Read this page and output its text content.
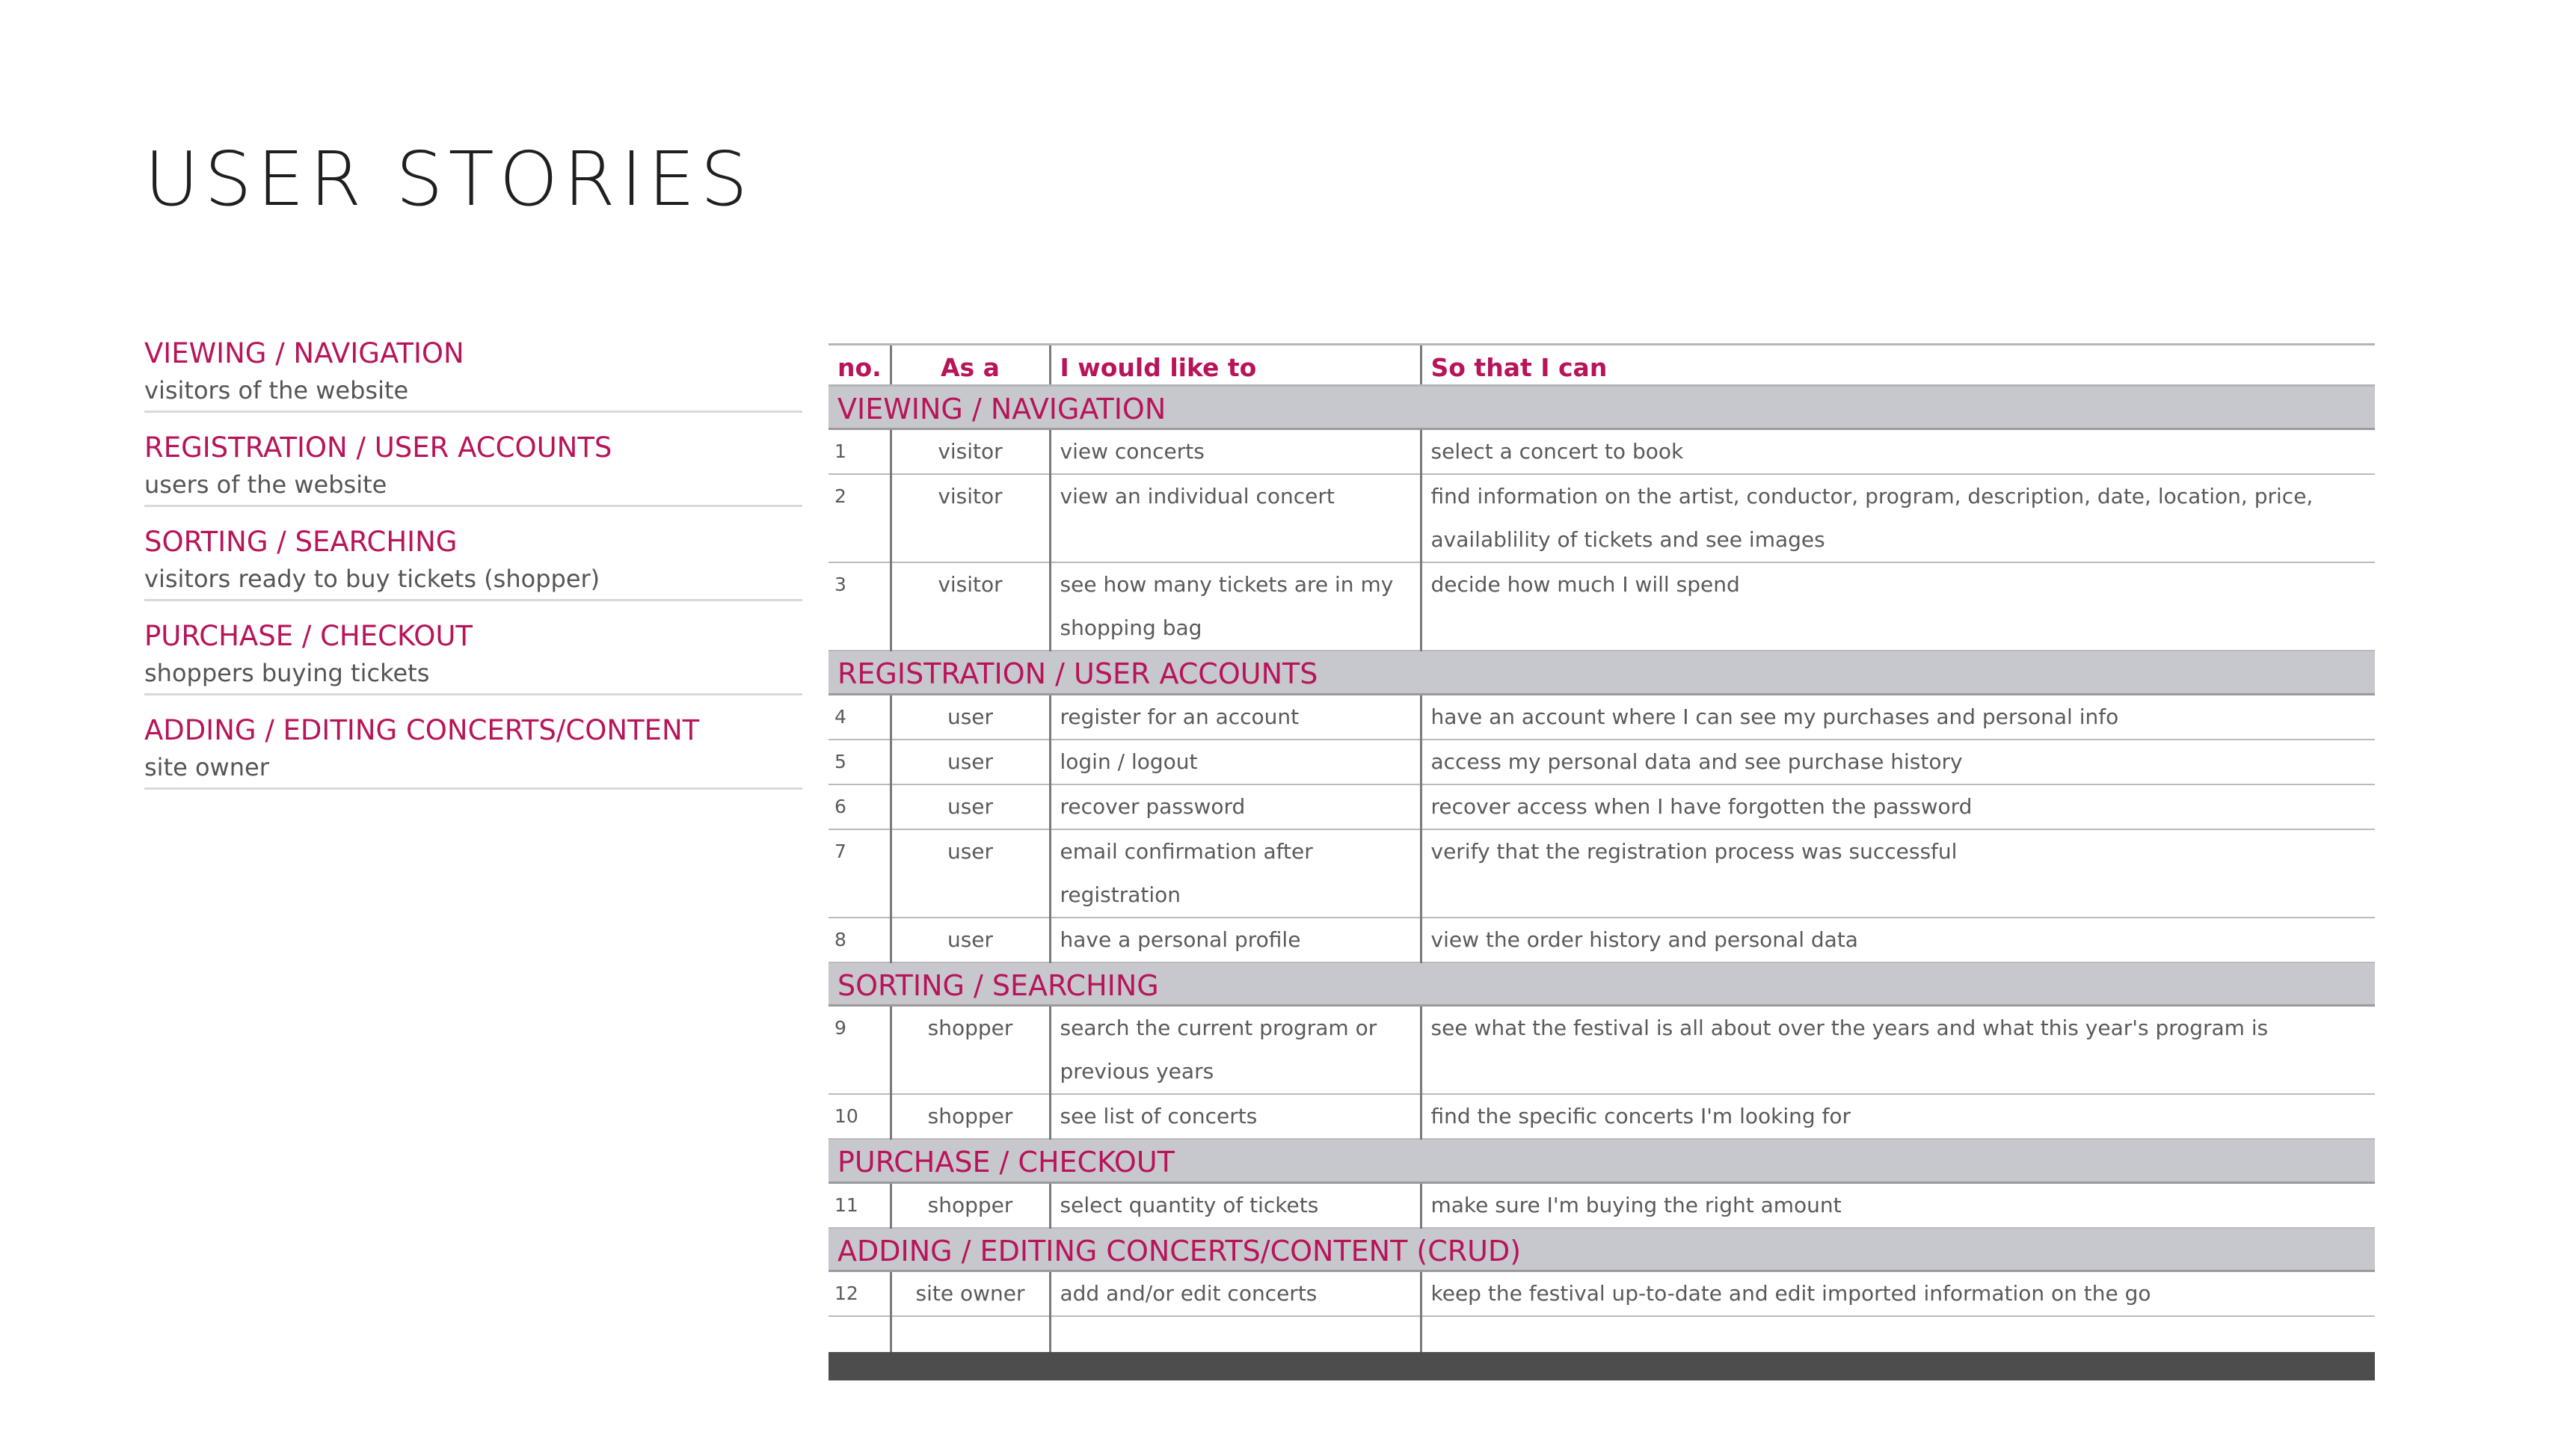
USER STORIES
VIEWING / NAVIGATION
visitors of the website
REGISTRATION / USER ACCOUNTS
users of the website
SORTING / SEARCHING
visitors ready to buy tickets (shopper)
PURCHASE / CHECKOUT
shoppers buying tickets
ADDING / EDITING CONCERTS/CONTENT
site owner
no.	As a	I would like to	So that I can
VIEWING / NAVIGATION			
1	visitor	view concerts	select a concert to book
2	visitor	view an individual concert	find information on the artist, conductor, program, description, date, location, price, availablility of tickets and see images
3	visitor	see how many tickets are in my shopping bag	decide how much I will spend
REGISTRATION / USER ACCOUNTS			
4	user	register for an account	have an account where I can see my purchases and personal info
5	user	login / logout	access my personal data and see purchase history
6	user	recover password	recover access when I have forgotten the password
7	user	email confirmation after registration	verify that the registration process was successful
8	user	have a personal profile	view the order history and personal data
SORTING / SEARCHING			
9	shopper	search the current program or previous years	see what the festival is all about over the years and what this year's program is
10	shopper	see list of concerts	find the specific concerts I'm looking for
PURCHASE / CHECKOUT			
11	shopper	select quantity of tickets	make sure I'm buying the right amount
ADDING / EDITING CONCERTS/CONTENT (CRUD)			
12	site owner	add and/or edit concerts	keep the festival up-to-date and edit imported information on the go
